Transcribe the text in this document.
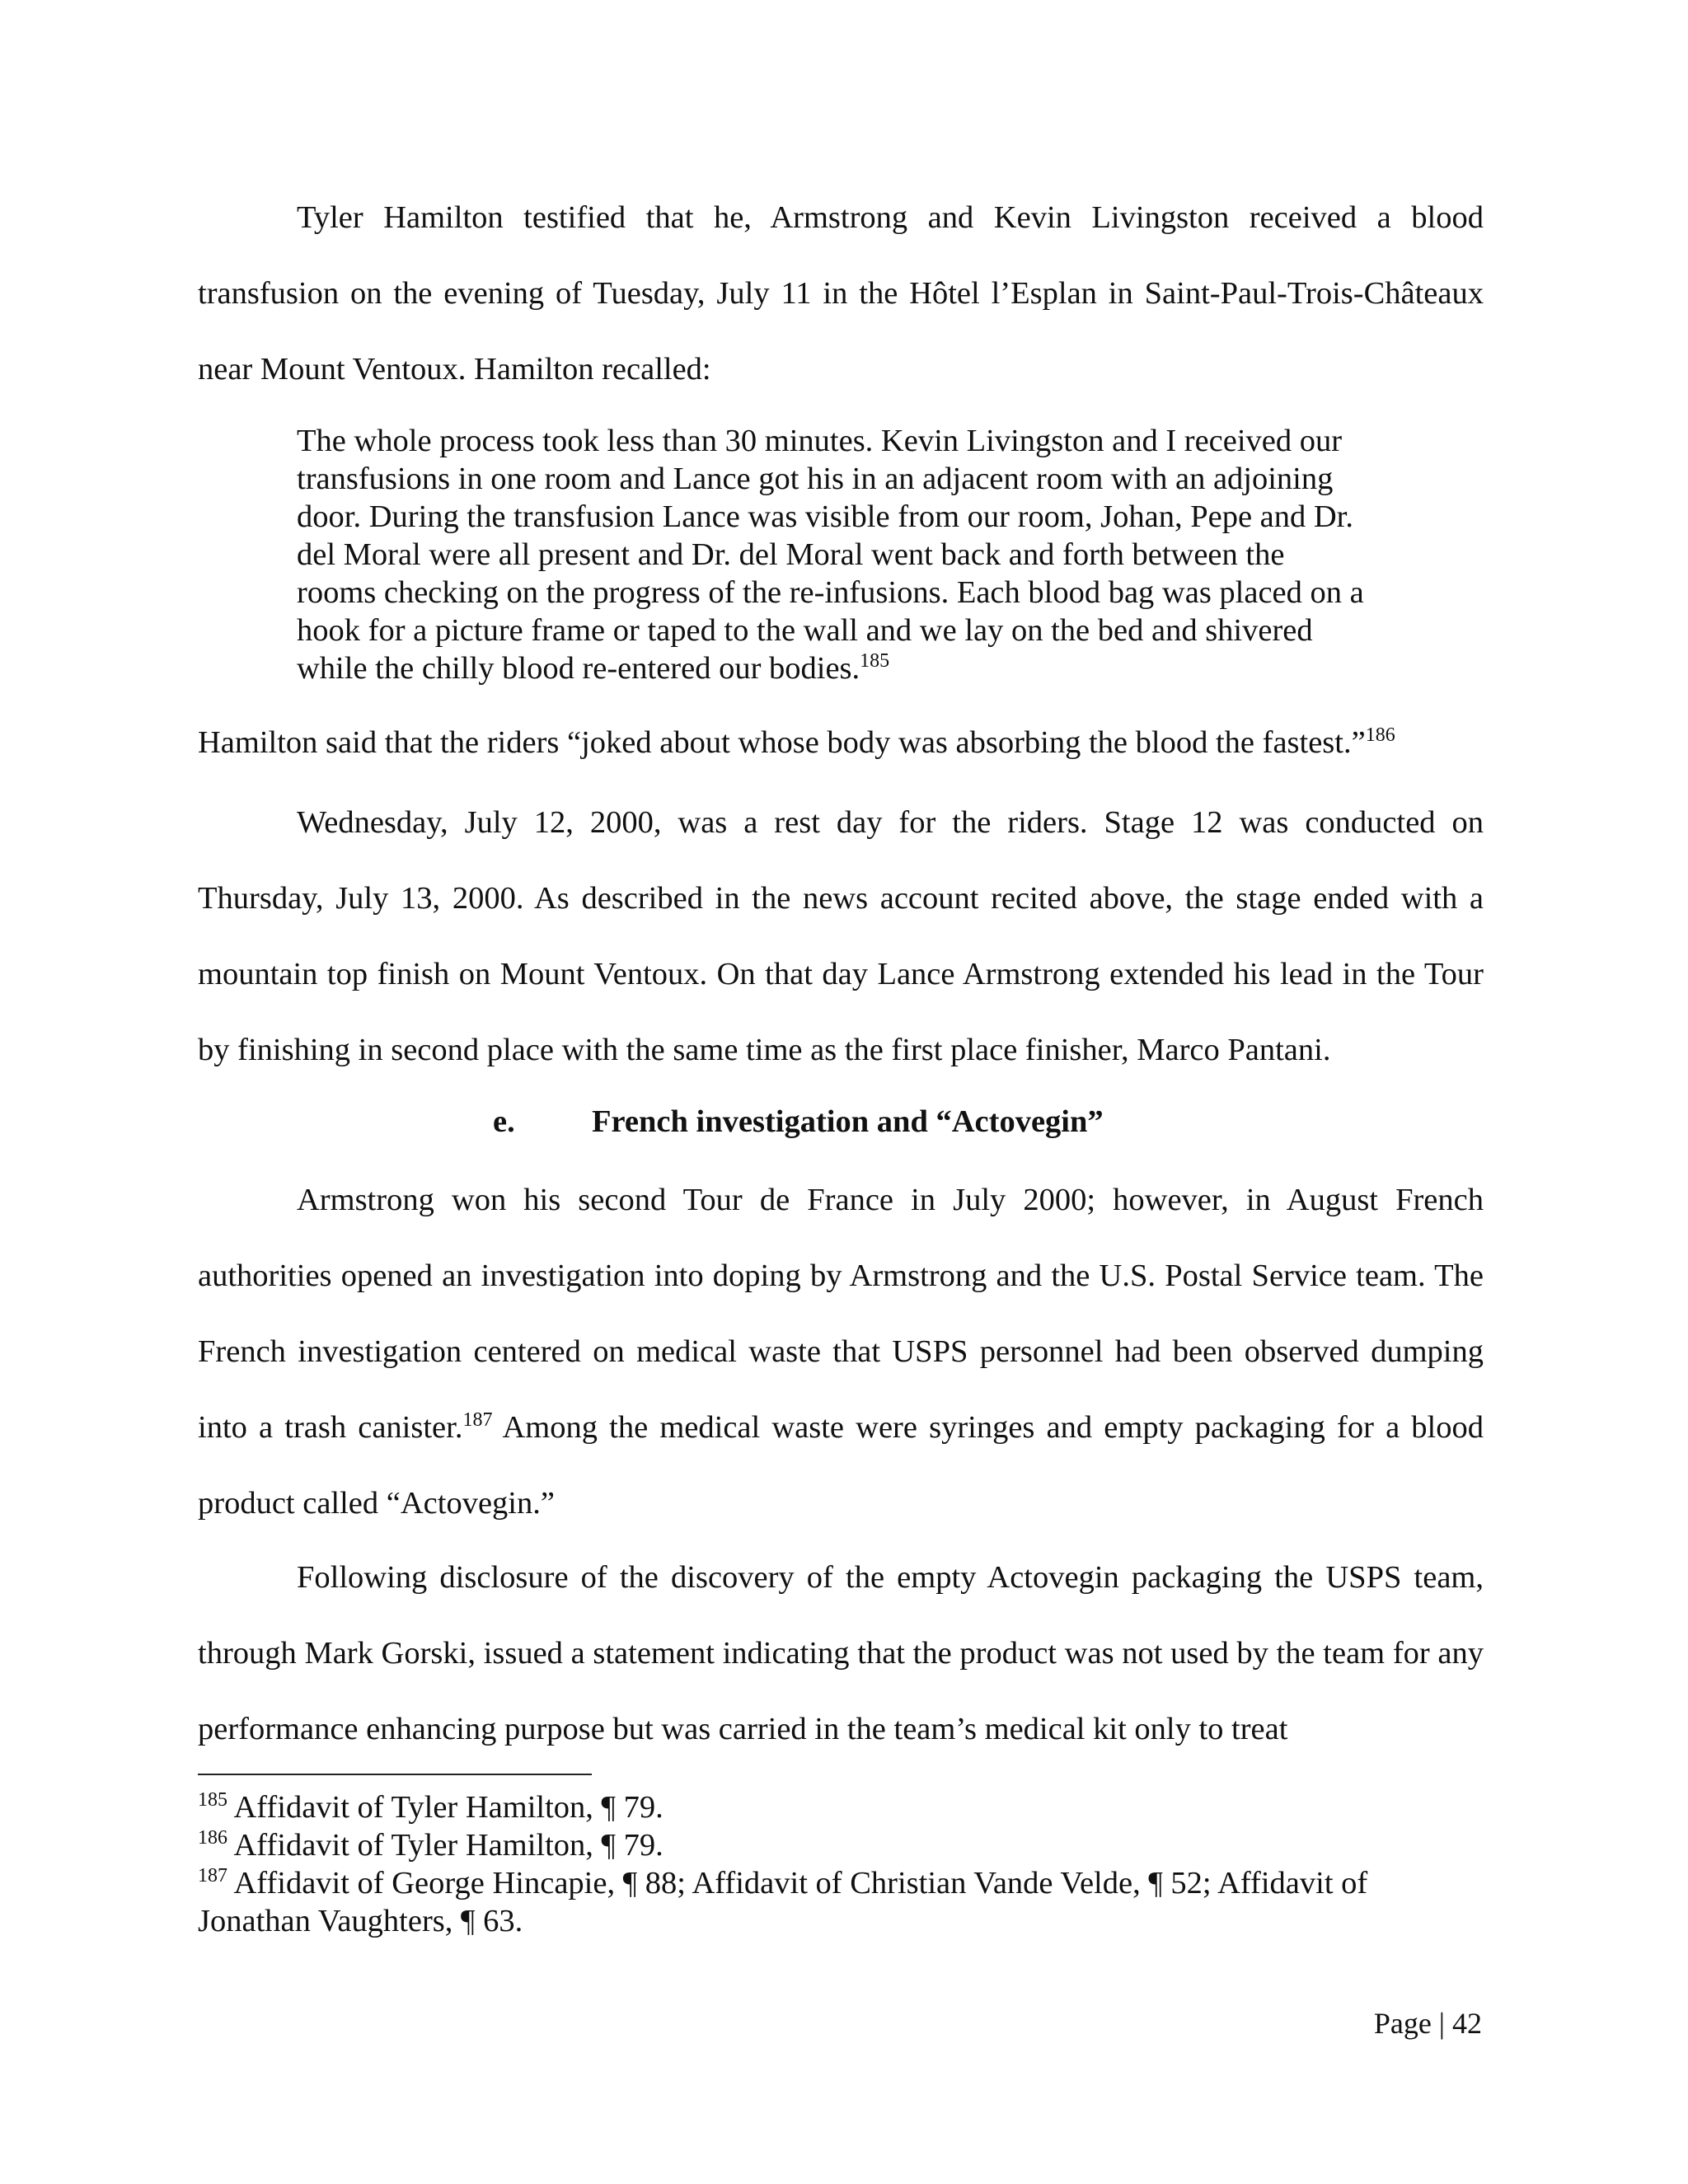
Tyler Hamilton testified that he, Armstrong and Kevin Livingston received a blood transfusion on the evening of Tuesday, July 11 in the Hôtel l’Esplan in Saint-Paul-Trois-Châteaux near Mount Ventoux. Hamilton recalled:

The whole process took less than 30 minutes. Kevin Livingston and I received our transfusions in one room and Lance got his in an adjacent room with an adjoining door. During the transfusion Lance was visible from our room, Johan, Pepe and Dr. del Moral were all present and Dr. del Moral went back and forth between the rooms checking on the progress of the re-infusions. Each blood bag was placed on a hook for a picture frame or taped to the wall and we lay on the bed and shivered while the chilly blood re-entered our bodies.$^{185}$

Hamilton said that the riders “joked about whose body was absorbing the blood the fastest.”$^{186}$

Wednesday, July 12, 2000, was a rest day for the riders. Stage 12 was conducted on Thursday, July 13, 2000. As described in the news account recited above, the stage ended with a mountain top finish on Mount Ventoux. On that day Lance Armstrong extended his lead in the Tour by finishing in second place with the same time as the first place finisher, Marco Pantani.

e. French investigation and “Actovegin”

Armstrong won his second Tour de France in July 2000; however, in August French authorities opened an investigation into doping by Armstrong and the U.S. Postal Service team. The French investigation centered on medical waste that USPS personnel had been observed dumping into a trash canister.$^{187}$ Among the medical waste were syringes and empty packaging for a blood product called “Actovegin.”

Following disclosure of the discovery of the empty Actovegin packaging the USPS team, through Mark Gorski, issued a statement indicating that the product was not used by the team for any performance enhancing purpose but was carried in the team’s medical kit only to treat

$^{185}$ Affidavit of Tyler Hamilton, ¶ 79.

$^{186}$ Affidavit of Tyler Hamilton, ¶ 79.

$^{187}$ Affidavit of George Hincapie, ¶ 88; Affidavit of Christian Vande Velde, ¶ 52; Affidavit of Jonathan Vaughters, ¶ 63.

Page | 42
